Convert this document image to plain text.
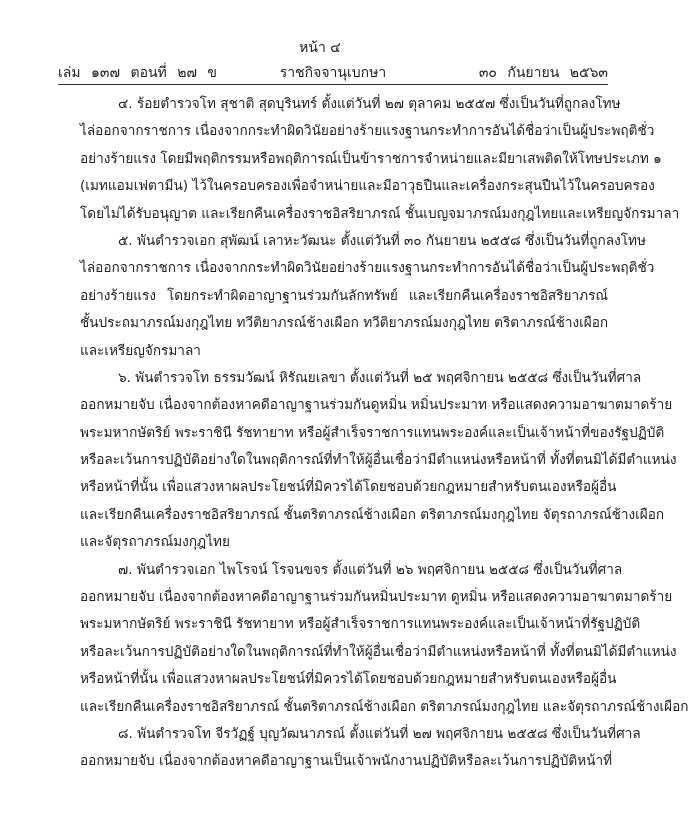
หน้า ๔
เล่ม ๑๓๗ ตอนที่ ๒๗ ข	ราชกิจจานุเบกษา	๓๐ กันยายน ๒๕๖๓
๔. ร้อยตำรวจโท สุชาติ สุดบุรินทร์ ตั้งแต่วันที่ ๒๗ ตุลาคม ๒๕๕๗ ซึ่งเป็นวันที่ถูกลงโทษ
ไล่ออกจากราชการ เนื่องจากกระทำผิดวินัยอย่างร้ายแรงฐานกระทำการอันได้ชื่อว่าเป็นผู้ประพฤติชั่ว
อย่างร้ายแรง โดยมีพฤติกรรมหรือพฤติการณ์เป็นข้าราชการจำหน่ายและมียาเสพติดให้โทษประเภท ๑
(เมทแอมเฟตามีน) ไว้ในครอบครองเพื่อจำหน่ายและมีอาวุธปืนและเครื่องกระสุนปืนไว้ในครอบครอง
โดยไม่ได้รับอนุญาต และเรียกคืนเครื่องราชอิสริยาภรณ์ ชั้นเบญจมาภรณ์มงกุฎไทยและเหรียญจักรมาลา
๕. พันตำรวจเอก สุพัฒน์ เลาหะวัฒนะ ตั้งแต่วันที่ ๓๐ กันยายน ๒๕๕๘ ซึ่งเป็นวันที่ถูกลงโทษ
ไล่ออกจากราชการ เนื่องจากกระทำผิดวินัยอย่างร้ายแรงฐานกระทำการอันได้ชื่อว่าเป็นผู้ประพฤติชั่ว
อย่างร้ายแรง โดยกระทำผิดอาญาฐานร่วมกันลักทรัพย์ และเรียกคืนเครื่องราชอิสริยาภรณ์
ชั้นประถมาภรณ์มงกุฎไทย ทวีติยาภรณ์ช้างเผือก ทวีติยาภรณ์มงกุฎไทย ตริตาภรณ์ช้างเผือก
และเหรียญจักรมาลา
๖. พันตำรวจโท ธรรมวัฒน์ หิรัณยเลขา ตั้งแต่วันที่ ๒๕ พฤศจิกายน ๒๕๕๘ ซึ่งเป็นวันที่ศาล
ออกหมายจับ เนื่องจากต้องหาคดีอาญาฐานร่วมกันดูหมิ่น หมิ่นประมาท หรือแสดงความอาฆาตมาดร้าย
พระมหากษัตริย์ พระราชินี รัชทายาท หรือผู้สำเร็จราชการแทนพระองค์และเป็นเจ้าหน้าที่ของรัฐปฏิบัติ
หรือละเว้นการปฏิบัติอย่างใดในพฤติการณ์ที่ทำให้ผู้อื่นเชื่อว่ามีตำแหน่งหรือหน้าที่ ทั้งที่ตนมิได้มีตำแหน่ง
หรือหน้าที่นั้น เพื่อแสวงหาผลประโยชน์ที่มิควรได้โดยชอบด้วยกฎหมายสำหรับตนเองหรือผู้อื่น
และเรียกคืนเครื่องราชอิสริยาภรณ์ ชั้นตริตาภรณ์ช้างเผือก ตริตาภรณ์มงกุฎไทย จัตุรถาภรณ์ช้างเผือก
และจัตุรถาภรณ์มงกุฎไทย
๗. พันตำรวจเอก ไพโรจน์ โรจนขจร ตั้งแต่วันที่ ๒๖ พฤศจิกายน ๒๕๕๘ ซึ่งเป็นวันที่ศาล
ออกหมายจับ เนื่องจากต้องหาคดีอาญาฐานร่วมกันหมิ่นประมาท ดูหมิ่น หรือแสดงความอาฆาตมาดร้าย
พระมหากษัตริย์ พระราชินี รัชทายาท หรือผู้สำเร็จราชการแทนพระองค์และเป็นเจ้าหน้าที่รัฐปฏิบัติ
หรือละเว้นการปฏิบัติอย่างใดในพฤติการณ์ที่ทำให้ผู้อื่นเชื่อว่ามีตำแหน่งหรือหน้าที่ ทั้งที่ตนมิได้มีตำแหน่ง
หรือหน้าที่นั้น เพื่อแสวงหาผลประโยชน์ที่มิควรได้โดยชอบด้วยกฎหมายสำหรับตนเองหรือผู้อื่น
และเรียกคืนเครื่องราชอิสริยาภรณ์ ชั้นตริตาภรณ์ช้างเผือก ตริตาภรณ์มงกุฎไทย และจัตุรถาภรณ์ช้างเผือก
๘. พันตำรวจโท จีรวัฏฐ์ บุญวัฒนาภรณ์ ตั้งแต่วันที่ ๒๗ พฤศจิกายน ๒๕๕๘ ซึ่งเป็นวันที่ศาล
ออกหมายจับ เนื่องจากต้องหาคดีอาญาฐานเป็นเจ้าพนักงานปฏิบัติหรือละเว้นการปฏิบัติหน้าที่
